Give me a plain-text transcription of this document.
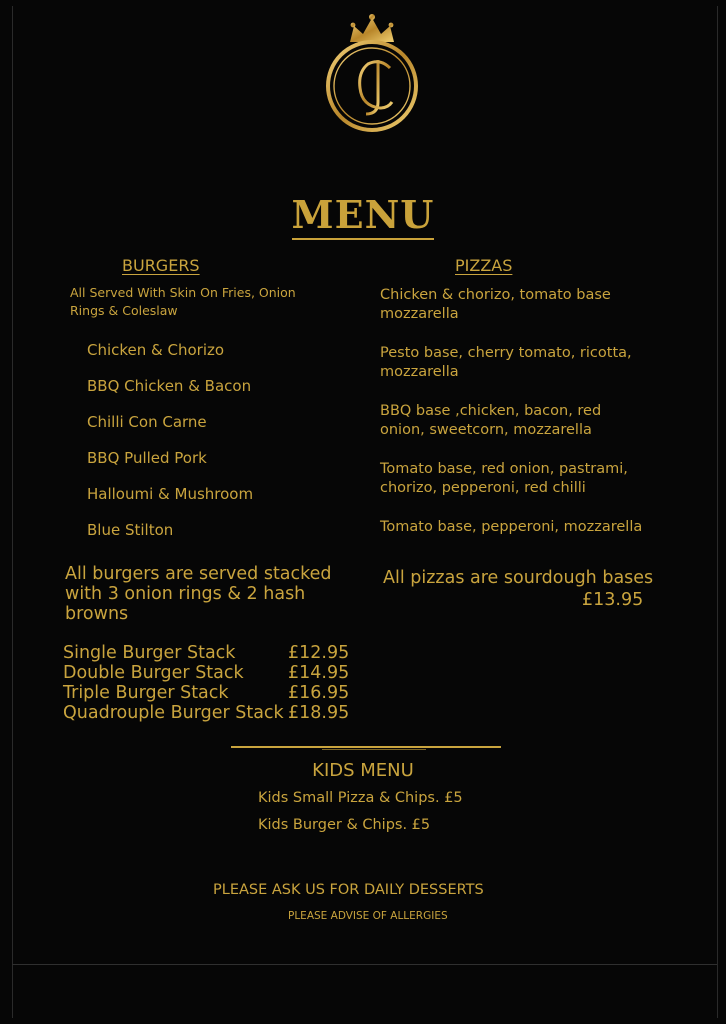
MENU
BURGERS
All Served With Skin On Fries, Onion
Rings & Coleslaw
Chicken & Chorizo
BBQ Chicken & Bacon
Chilli Con Carne
BBQ Pulled Pork
Halloumi & Mushroom
Blue Stilton
All burgers are served stacked
with 3 onion rings & 2 hash
browns
Single Burger Stack	£12.95
Double Burger Stack	£14.95
Triple Burger Stack	£16.95
Quadrouple Burger Stack £18.95
PIZZAS
Chicken & chorizo, tomato base
mozzarella
Pesto base, cherry tomato, ricotta,
mozzarella
BBQ base ,chicken, bacon, red
onion, sweetcorn, mozzarella
Tomato base, red onion, pastrami,
chorizo, pepperoni, red chilli
Tomato base, pepperoni, mozzarella
All pizzas are sourdough bases
£13.95
KIDS MENU
Kids Small Pizza & Chips. £5
Kids Burger & Chips. £5
PLEASE ASK US FOR DAILY DESSERTS
PLEASE ADVISE OF ALLERGIES
